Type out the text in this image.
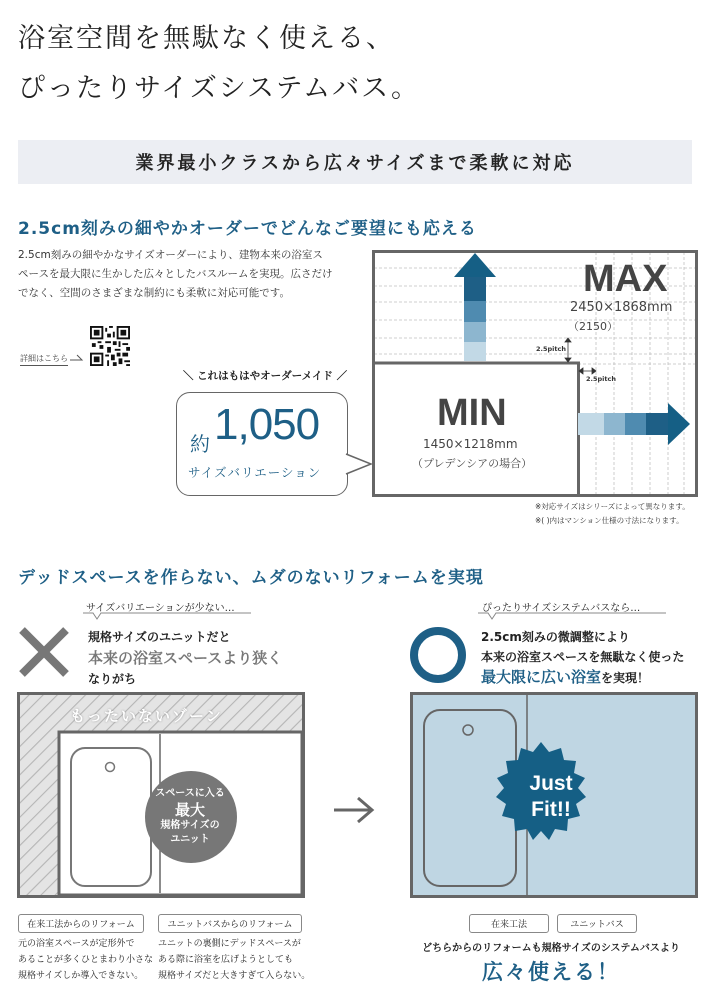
浴室空間を無駄なく使える、
ぴったりサイズシステムバス。
業界最小クラスから広々サイズまで柔軟に対応
2.5cm刻みの細やかオーダーでどんなご要望にも応える
2.5cm刻みの細やかなサイズオーダーにより、建物本来の浴室ス
ペースを最大限に生かした広々としたバスルームを実現。広さだけ
でなく、空間のさまざまな制約にも柔軟に対応可能です。
詳細はこちら
＼ これはもはやオーダーメイド ／
約 1,050
サイズバリエーション
MAX
2450×1868mm
（2150）
MIN
1450×1218mm
（プレデンシアの場合）
2.5pitch
2.5pitch
※対応サイズはシリーズによって異なります。
※( )内はマンション仕様の寸法になります。
デッドスペースを作らない、ムダのないリフォームを実現
サイズバリエーションが少ない…
規格サイズのユニットだと
本来の浴室スペースより狭く
なりがち
もったいないゾーン
スペースに入る
最大
規格サイズの
ユニット
ぴったりサイズシステムバスなら…
2.5cm刻みの微調整により
本来の浴室スペースを無駄なく使った
最大限に広い浴室を実現！
Just
Fit!!
在来工法からのリフォーム	ユニットバスからのリフォーム
元の浴室スペースが定形外で
あることが多くひとまわり小さな
規格サイズしか導入できない。
ユニットの裏側にデッドスペースが
ある際に浴室を広げようとしても
規格サイズだと大きすぎて入らない。
在来工法	ユニットバス
どちらからのリフォームも規格サイズのシステムバスより
広々使える！
